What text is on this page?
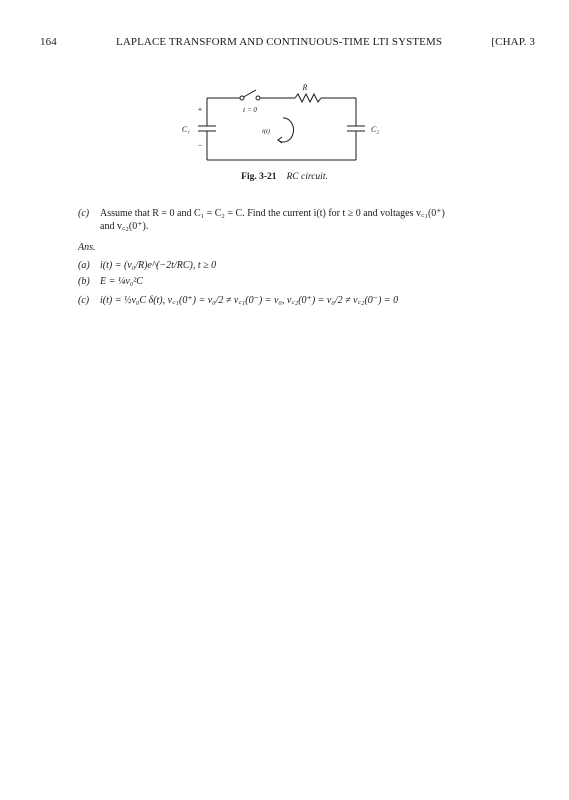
164	LAPLACE TRANSFORM AND CONTINUOUS-TIME LTI SYSTEMS	[CHAP. 3
R
t = 0
i(t)
C₁	C₂
+
−
Fig. 3-21 RC circuit.
(c) Assume that R = 0 and C₁ = C₂ = C. Find the current i(t) for t ≥ 0 and voltages v꜀₁(0⁺)
and v꜀₂(0⁺).
Ans.
(a) i(t) = (v₀/R)e^(−2t/RC), t ≥ 0
(b) E = ¼v₀²C
(c) i(t) = ½v₀C δ(t), v꜀₁(0⁺) = v₀/2 ≠ v꜀₁(0⁻) = v₀, v꜀₂(0⁺) = v₀/2 ≠ v꜀₂(0⁻) = 0
